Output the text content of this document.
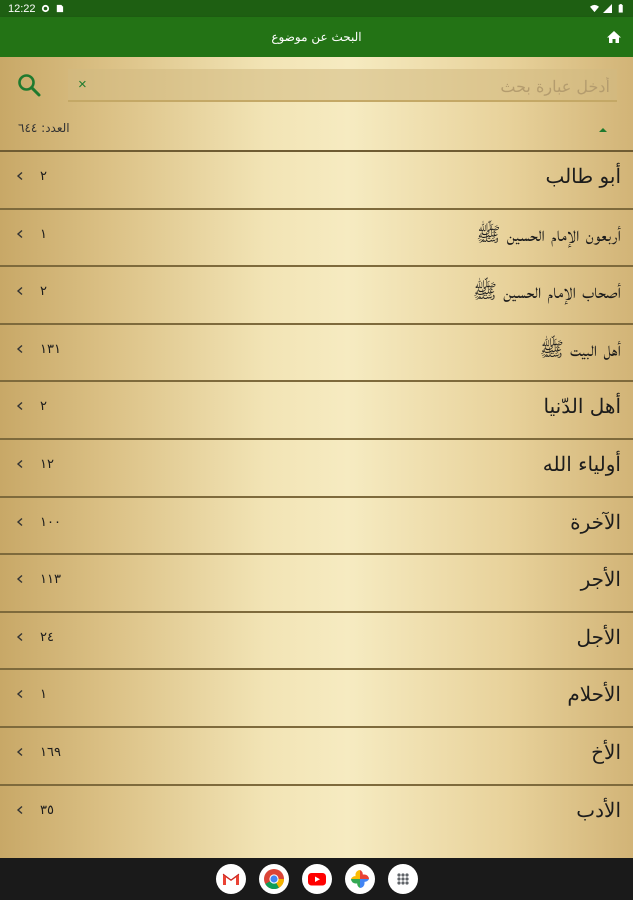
12:22
البحث عن موضوع
×
أدخل عبارة بحث
العدد: ٦٤٤
أبو طالب
٢
أربعون الإمام الحسين ﷺ
١
أصحاب الإمام الحسين ﷺ
٢
أهل البيت ﷺ
١٣١
أهل الدّنيا
٢
أولياء الله
١٢
الآخرة
١٠٠
الأجر
١١٣
الأجل
٢٤
الأحلام
١
الأخ
١٦٩
الأدب
٣٥
